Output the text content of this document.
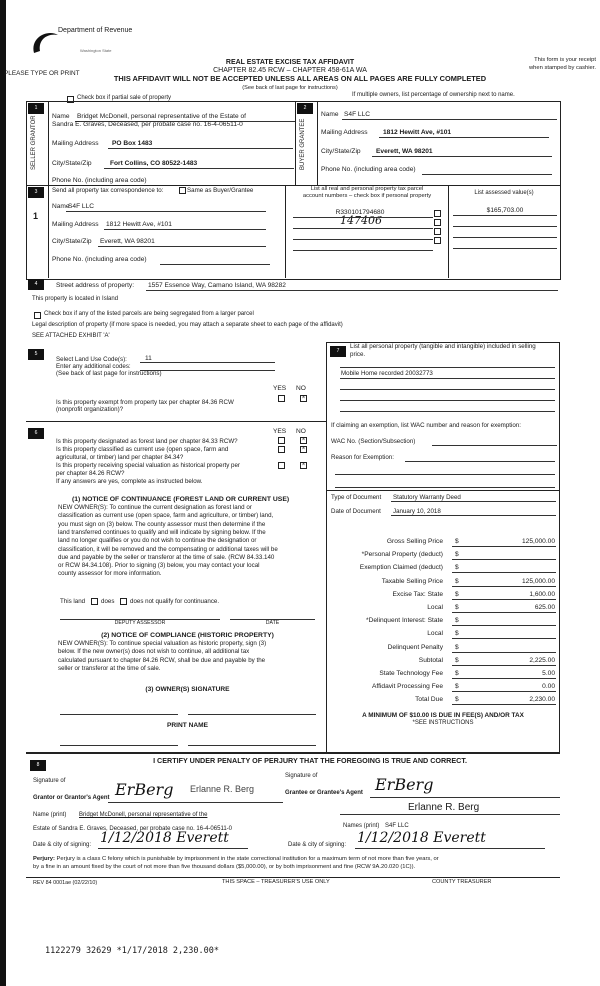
Department of Revenue
Washington State
PLEASE TYPE OR PRINT
REAL ESTATE EXCISE TAX AFFIDAVIT
CHAPTER 82.45 RCW – CHAPTER 458-61A WA
THIS AFFIDAVIT WILL NOT BE ACCEPTED UNLESS ALL AREAS ON ALL PAGES ARE FULLY COMPLETED
(See back of last page for instructions)
This form is your receipt
when stamped by cashier.
Check box if partial sale of property	If multiple owners, list percentage of ownership next to name.
1
SELLER GRANTOR Name Bridget McDonell, personal representative of the Estate of
Sandra E. Graves, Deceased, per probate case no. 16-4-06511-0
Mailing Address PO Box 1483
City/State/Zip	Fort Collins, CO 80522-1483
Phone No. (including area code)
2
BUYER GRANTEE
Name S4F LLC
Mailing Address 1812 Hewitt Ave, #101
City/State/Zip Everett, WA 98201
Phone No. (including area code)
3	Send all property tax correspondence to:	Same as Buyer/Grantee
1
Name
S4F LLC
Mailing Address 1812 Hewitt Ave, #101
City/State/Zip Everett, WA 98201
Phone No. (including area code)
List all real and personal property tax parcel
account numbers – check box if personal property	List assessed value(s)
R330101794680
147406
$165,703.00
4	Street address of property: 1557 Essence Way, Camano Island, WA 98282
This property is located in Island
Check box if any of the listed parcels are being segregated from a larger parcel
Legal description of property (if more space is needed, you may attach a separate sheet to each page of the affidavit)
SEE ATTACHED EXHIBIT 'A'
5
Select Land Use Code(s):	11
Enter any additional codes:
(See back of last page for instructions)
YES NO
Is this property exempt from property tax per chapter 84.36 RCW
(nonprofit organization)?
×
7
List all personal property (tangible and intangible) included in selling
price.
Mobile Home recorded 20032773
If claiming an exemption, list WAC number and reason for exemption:
WAC No. (Section/Subsection)
Reason for Exemption:
6	YES NO
Is this property designated as forest land per chapter 84.33 RCW?	×
Is this property classified as current use (open space, farm and
agricultural, or timber) land per chapter 84.34?
×
Is this property receiving special valuation as historical property per
per chapter 84.26 RCW?
×
If any answers are yes, complete as instructed below.
(1) NOTICE OF CONTINUANCE (FOREST LAND OR CURRENT USE)
NEW OWNER(S): To continue the current designation as forest land or
classification as current use (open space, farm and agriculture, or timber) land,
you must sign on (3) below. The county assessor must then determine if the
land transferred continues to qualify and will indicate by signing below. If the
land no longer qualifies or you do not wish to continue the designation or
classification, it will be removed and the compensating or additional taxes will be
due and payable by the seller or transferor at the time of sale. (RCW 84.33.140
or RCW 84.34.108). Prior to signing (3) below, you may contact your local
county assessor for more information.
This land	does	does not qualify for continuance.
DEPUTY ASSESSOR	DATE
(2) NOTICE OF COMPLIANCE (HISTORIC PROPERTY)
NEW OWNER(S): To continue special valuation as historic property, sign (3)
below. If the new owner(s) does not wish to continue, all additional tax
calculated pursuant to chapter 84.26 RCW, shall be due and payable by the
seller or transferor at the time of sale.
(3) OWNER(S) SIGNATURE
PRINT NAME
Type of Document Statutory Warranty Deed
Date of Document January 10, 2018
Gross Selling Price $	125,000.00
*Personal Property (deduct) $
Exemption Claimed (deduct) $
Taxable Selling Price $	125,000.00
Excise Tax: State $	1,600.00
Local $	625.00
*Delinquent Interest: State $
Local $
Delinquent Penalty $
Subtotal $	2,225.00
State Technology Fee $	5.00
Affidavit Processing Fee $	0.00
Total Due $	2,230.00
A MINIMUM OF $10.00 IS DUE IN FEE(S) AND/OR TAX
*SEE INSTRUCTIONS
8	I CERTIFY UNDER PENALTY OF PERJURY THAT THE FOREGOING IS TRUE AND CORRECT.
Signature of
Grantor or Grantor's Agent ErBerg Erlanne R. Berg
Signature of
Grantee or Grantee's Agent ErBerg
Erlanne R. Berg
Name (print) Bridget McDonell, personal representative of the
Estate of Sandra E. Graves, Deceased, per probate case no. 16-4-06511-0	Names (print) S4F LLC
Date & city of signing: 1/12/2018 Everett	Date & city of signing: 1/12/2018 Everett
Perjury: Perjury is a class C felony which is punishable by imprisonment in the state correctional institution for a maximum term of not more than five years, or
by a fine in an amount fixed by the court of not more than five thousand dollars ($5,000.00), or by both imprisonment and fine (RCW 9A.20.020 (1C)).
REV 84 0001ae (02/22/10)	THIS SPACE – TREASURER'S USE ONLY	COUNTY TREASURER
1122279 32629 *1/17/2018 2,230.00*
